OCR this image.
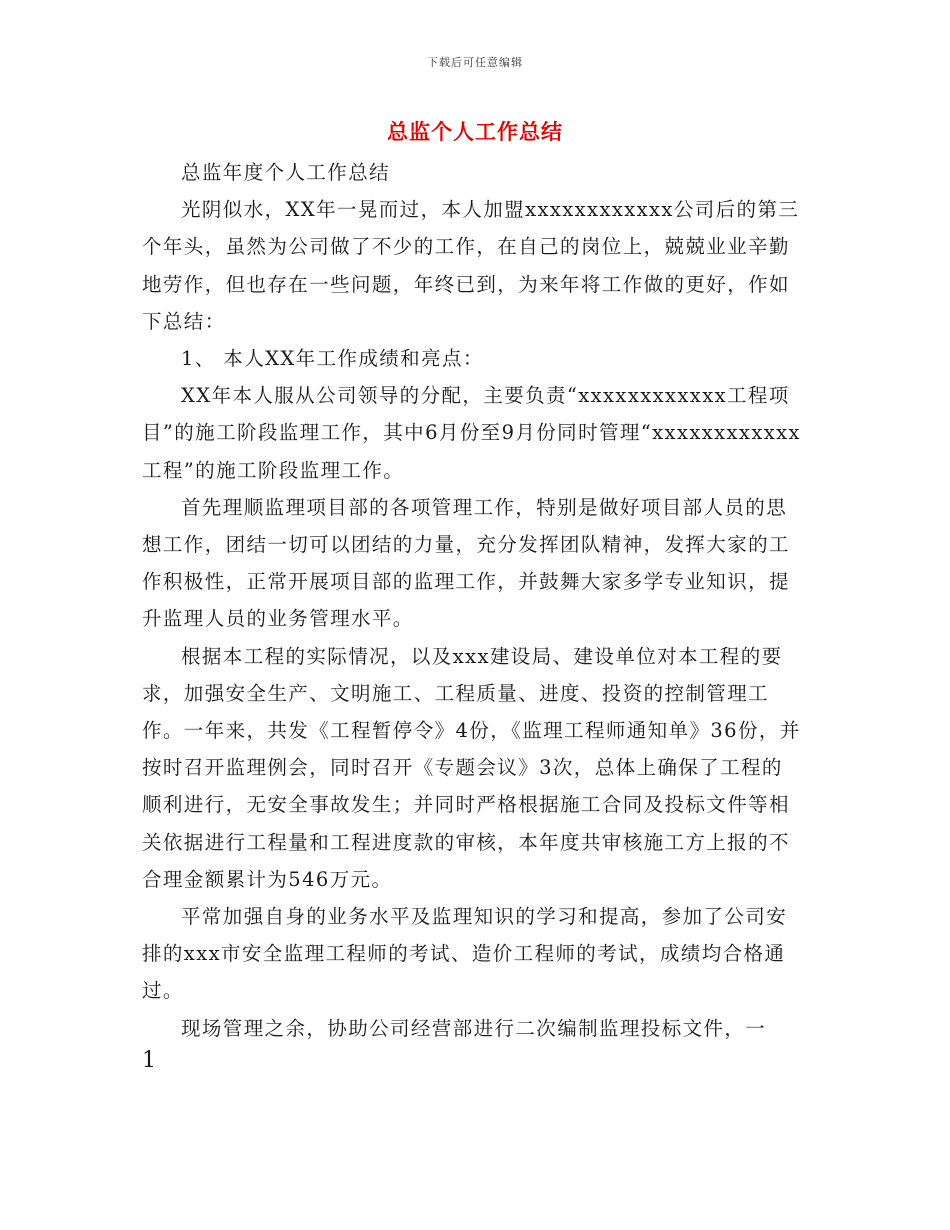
下载后可任意编辑
总监个人工作总结

总监年度个人工作总结

光阴似水，XX年一晃而过，本人加盟xxxxxxxxxxxx公司后的第三个年头，虽然为公司做了不少的工作，在自己的岗位上，兢兢业业辛勤地劳作，但也存在一些问题，年终已到，为来年将工作做的更好，作如下总结：

1、 本人XX年工作成绩和亮点：

XX年本人服从公司领导的分配，主要负责“xxxxxxxxxxxx工程项目”的施工阶段监理工作，其中6月份至9月份同时管理“xxxxxxxxxxxx工程”的施工阶段监理工作。

首先理顺监理项目部的各项管理工作，特别是做好项目部人员的思想工作，团结一切可以团结的力量，充分发挥团队精神，发挥大家的工作积极性，正常开展项目部的监理工作，并鼓舞大家多学专业知识，提升监理人员的业务管理水平。

根据本工程的实际情况，以及xxx建设局、建设单位对本工程的要求，加强安全生产、文明施工、工程质量、进度、投资的控制管理工作。一年来，共发《工程暂停令》4份，《监理工程师通知单》36份，并按时召开监理例会，同时召开《专题会议》3次，总体上确保了工程的顺利进行，无安全事故发生；并同时严格根据施工合同及投标文件等相关依据进行工程量和工程进度款的审核，本年度共审核施工方上报的不合理金额累计为546万元。

平常加强自身的业务水平及监理知识的学习和提高，参加了公司安排的xxx市安全监理工程师的考试、造价工程师的考试，成绩均合格通过。

现场管理之余，协助公司经营部进行二次编制监理投标文件，一

1
